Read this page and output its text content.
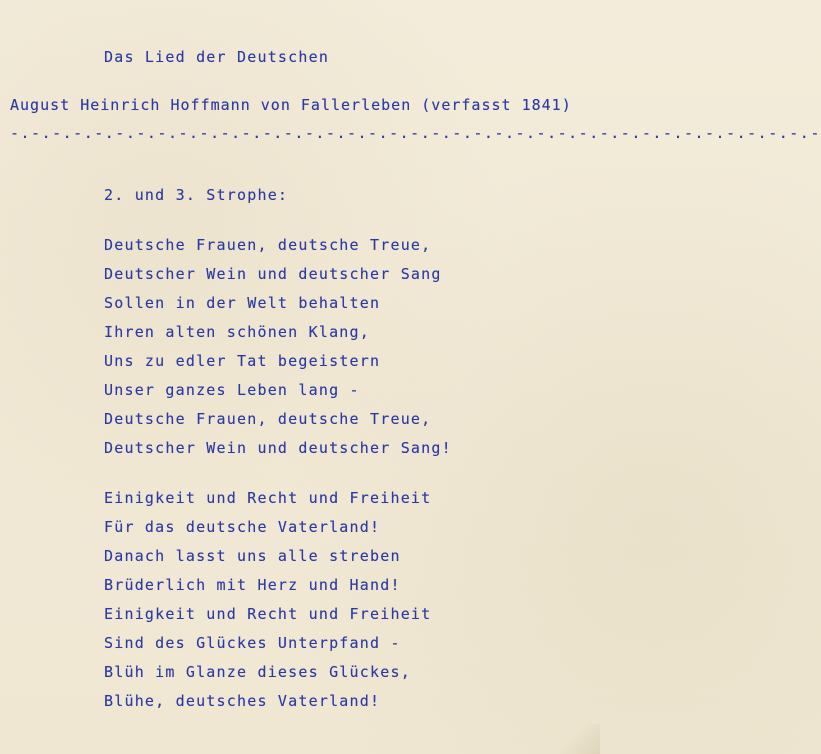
Das Lied der Deutschen
August Heinrich Hoffmann von Fallerleben (verfasst 1841)
-.-.-.-.-.-.-.-.-.-.-.-.-.-.-.-.-.-.-.-.-.-.-.-.-.-.-.-.-.-.-.-.-.-.-.-.-.-.-
2. und 3. Strophe:
Deutsche Frauen, deutsche Treue,
Deutscher Wein und deutscher Sang
Sollen in der Welt behalten
Ihren alten schönen Klang,
Uns zu edler Tat begeistern
Unser ganzes Leben lang -
Deutsche Frauen, deutsche Treue,
Deutscher Wein und deutscher Sang!
Einigkeit und Recht und Freiheit
Für das deutsche Vaterland!
Danach lasst uns alle streben
Brüderlich mit Herz und Hand!
Einigkeit und Recht und Freiheit
Sind des Glückes Unterpfand -
Blüh im Glanze dieses Glückes,
Blühe, deutsches Vaterland!
